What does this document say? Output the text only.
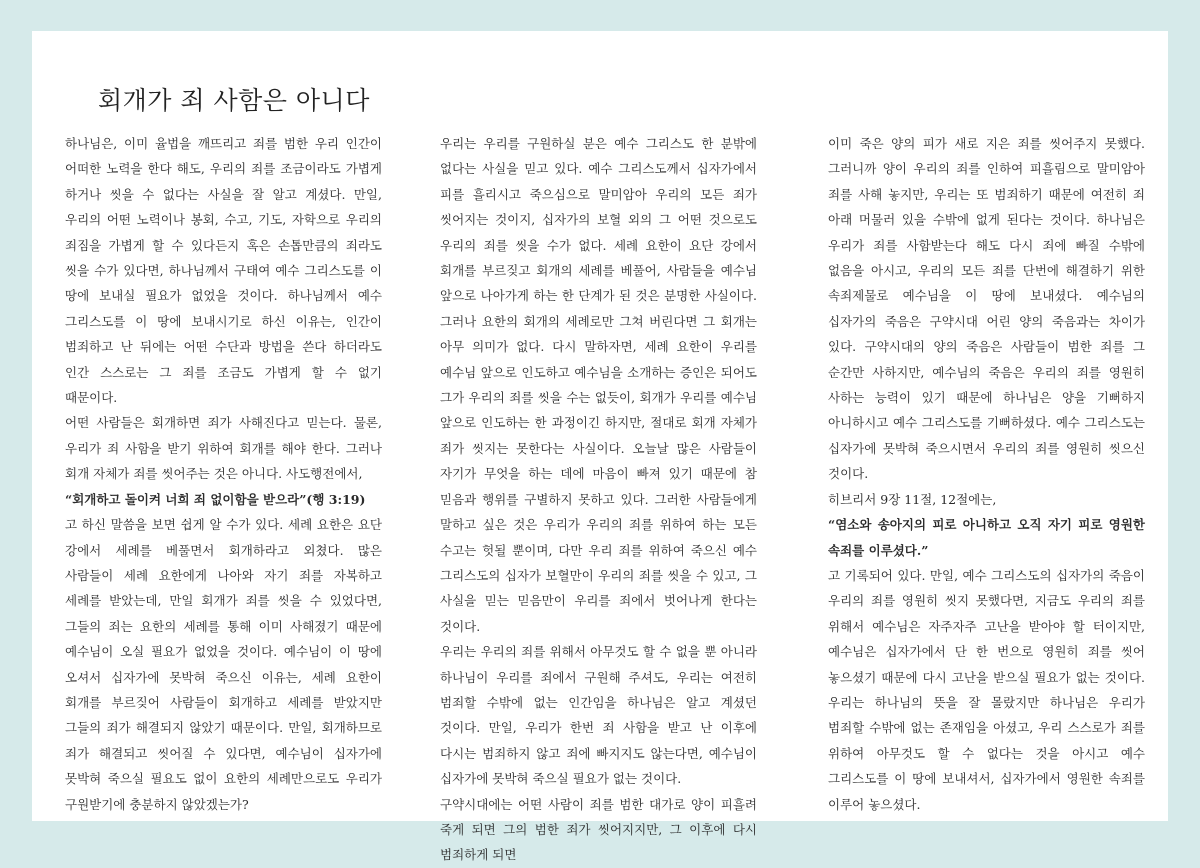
회개가 죄 사함은 아니다

하나님은, 이미 율법을 깨뜨리고 죄를 범한 우리 인간이 어떠한 노력을 한다 해도, 우리의 죄를 조금이라도 가볍게 하거나 씻을 수 없다는 사실을 잘 알고 계셨다. 만일, 우리의 어떤 노력이나 봉회, 수고, 기도, 자학으로 우리의 죄짐을 가볍게 할 수 있다든지 혹은 손톱만큼의 죄라도 씻을 수가 있다면, 하나님께서 구태여 예수 그리스도를 이 땅에 보내실 필요가 없었을 것이다. 하나님께서 예수 그리스도를 이 땅에 보내시기로 하신 이유는, 인간이 범죄하고 난 뒤에는 어떤 수단과 방법을 쓴다 하더라도 인간 스스로는 그 죄를 조금도 가볍게 할 수 없기 때문이다.

어떤 사람들은 회개하면 죄가 사해진다고 믿는다. 물론, 우리가 죄 사함을 받기 위하여 회개를 해야 한다. 그러나 회개 자체가 죄를 씻어주는 것은 아니다. 사도행전에서,

“회개하고 돌이켜 너희 죄 없이함을 받으라”(행 3:19)

고 하신 말씀을 보면 쉽게 알 수가 있다. 세례 요한은 요단 강에서 세례를 베풀면서 회개하라고 외쳤다. 많은 사람들이 세례 요한에게 나아와 자기 죄를 자복하고 세례를 받았는데, 만일 회개가 죄를 씻을 수 있었다면, 그들의 죄는 요한의 세례를 통해 이미 사해졌기 때문에 예수님이 오실 필요가 없었을 것이다. 예수님이 이 땅에 오셔서 십자가에 못박혀 죽으신 이유는, 세례 요한이 회개를 부르짖어 사람들이 회개하고 세례를 받았지만 그들의 죄가 해결되지 않았기 때문이다. 만일, 회개하므로 죄가 해결되고 씻어질 수 있다면, 예수님이 십자가에 못박혀 죽으실 필요도 없이 요한의 세례만으로도 우리가 구원받기에 충분하지 않았겠는가?

우리는 우리를 구원하실 분은 예수 그리스도 한 분밖에 없다는 사실을 믿고 있다. 예수 그리스도께서 십자가에서 피를 흘리시고 죽으심으로 말미암아 우리의 모든 죄가 씻어지는 것이지, 십자가의 보혈 외의 그 어떤 것으로도 우리의 죄를 씻을 수가 없다. 세례 요한이 요단 강에서 회개를 부르짖고 회개의 세례를 베풀어, 사람들을 예수님 앞으로 나아가게 하는 한 단계가 된 것은 분명한 사실이다. 그러나 요한의 회개의 세례로만 그쳐 버린다면 그 회개는 아무 의미가 없다. 다시 말하자면, 세례 요한이 우리를 예수님 앞으로 인도하고 예수님을 소개하는 증인은 되어도 그가 우리의 죄를 씻을 수는 없듯이, 회개가 우리를 예수님 앞으로 인도하는 한 과정이긴 하지만, 절대로 회개 자체가 죄가 씻지는 못한다는 사실이다. 오늘날 많은 사람들이 자기가 무엇을 하는 데에 마음이 빠져 있기 때문에 참 믿음과 행위를 구별하지 못하고 있다. 그러한 사람들에게 말하고 싶은 것은 우리가 우리의 죄를 위하여 하는 모든 수고는 헛될 뿐이며, 다만 우리 죄를 위하여 죽으신 예수 그리스도의 십자가 보혈만이 우리의 죄를 씻을 수 있고, 그 사실을 믿는 믿음만이 우리를 죄에서 벗어나게 한다는 것이다.

우리는 우리의 죄를 위해서 아무것도 할 수 없을 뿐 아니라 하나님이 우리를 죄에서 구원해 주셔도, 우리는 여전히 범죄할 수밖에 없는 인간임을 하나님은 알고 계셨던 것이다. 만일, 우리가 한번 죄 사함을 받고 난 이후에 다시는 범죄하지 않고 죄에 빠지지도 않는다면, 예수님이 십자가에 못박혀 죽으실 필요가 없는 것이다.

구약시대에는 어떤 사람이 죄를 범한 대가로 양이 피흘려 죽게 되면 그의 범한 죄가 씻어지지만, 그 이후에 다시 범죄하게 되면

이미 죽은 양의 피가 새로 지은 죄를 씻어주지 못했다. 그러니까 양이 우리의 죄를 인하여 피흘림으로 말미암아 죄를 사해 놓지만, 우리는 또 범죄하기 때문에 여전히 죄 아래 머물러 있을 수밖에 없게 된다는 것이다. 하나님은 우리가 죄를 사함받는다 해도 다시 죄에 빠질 수밖에 없음을 아시고, 우리의 모든 죄를 단번에 해결하기 위한 속죄제물로 예수님을 이 땅에 보내셨다. 예수님의 십자가의 죽음은 구약시대 어린 양의 죽음과는 차이가 있다. 구약시대의 양의 죽음은 사람들이 범한 죄를 그 순간만 사하지만, 예수님의 죽음은 우리의 죄를 영원히 사하는 능력이 있기 때문에 하나님은 양을 기뻐하지 아니하시고 예수 그리스도를 기뻐하셨다. 예수 그리스도는 십자가에 못박혀 죽으시면서 우리의 죄를 영원히 씻으신 것이다.

히브리서 9장 11절, 12절에는,

“염소와 송아지의 피로 아니하고 오직 자기 피로 영원한 속죄를 이루셨다.”

고 기록되어 있다. 만일, 예수 그리스도의 십자가의 죽음이 우리의 죄를 영원히 씻지 못했다면, 지금도 우리의 죄를 위해서 예수님은 자주자주 고난을 받아야 할 터이지만, 예수님은 십자가에서 단 한 번으로 영원히 죄를 씻어 놓으셨기 때문에 다시 고난을 받으실 필요가 없는 것이다. 우리는 하나님의 뜻을 잘 몰랐지만 하나님은 우리가 범죄할 수밖에 없는 존재임을 아셨고, 우리 스스로가 죄를 위하여 아무것도 할 수 없다는 것을 아시고 예수 그리스도를 이 땅에 보내셔서, 십자가에서 영원한 속죄를 이루어 놓으셨다.
